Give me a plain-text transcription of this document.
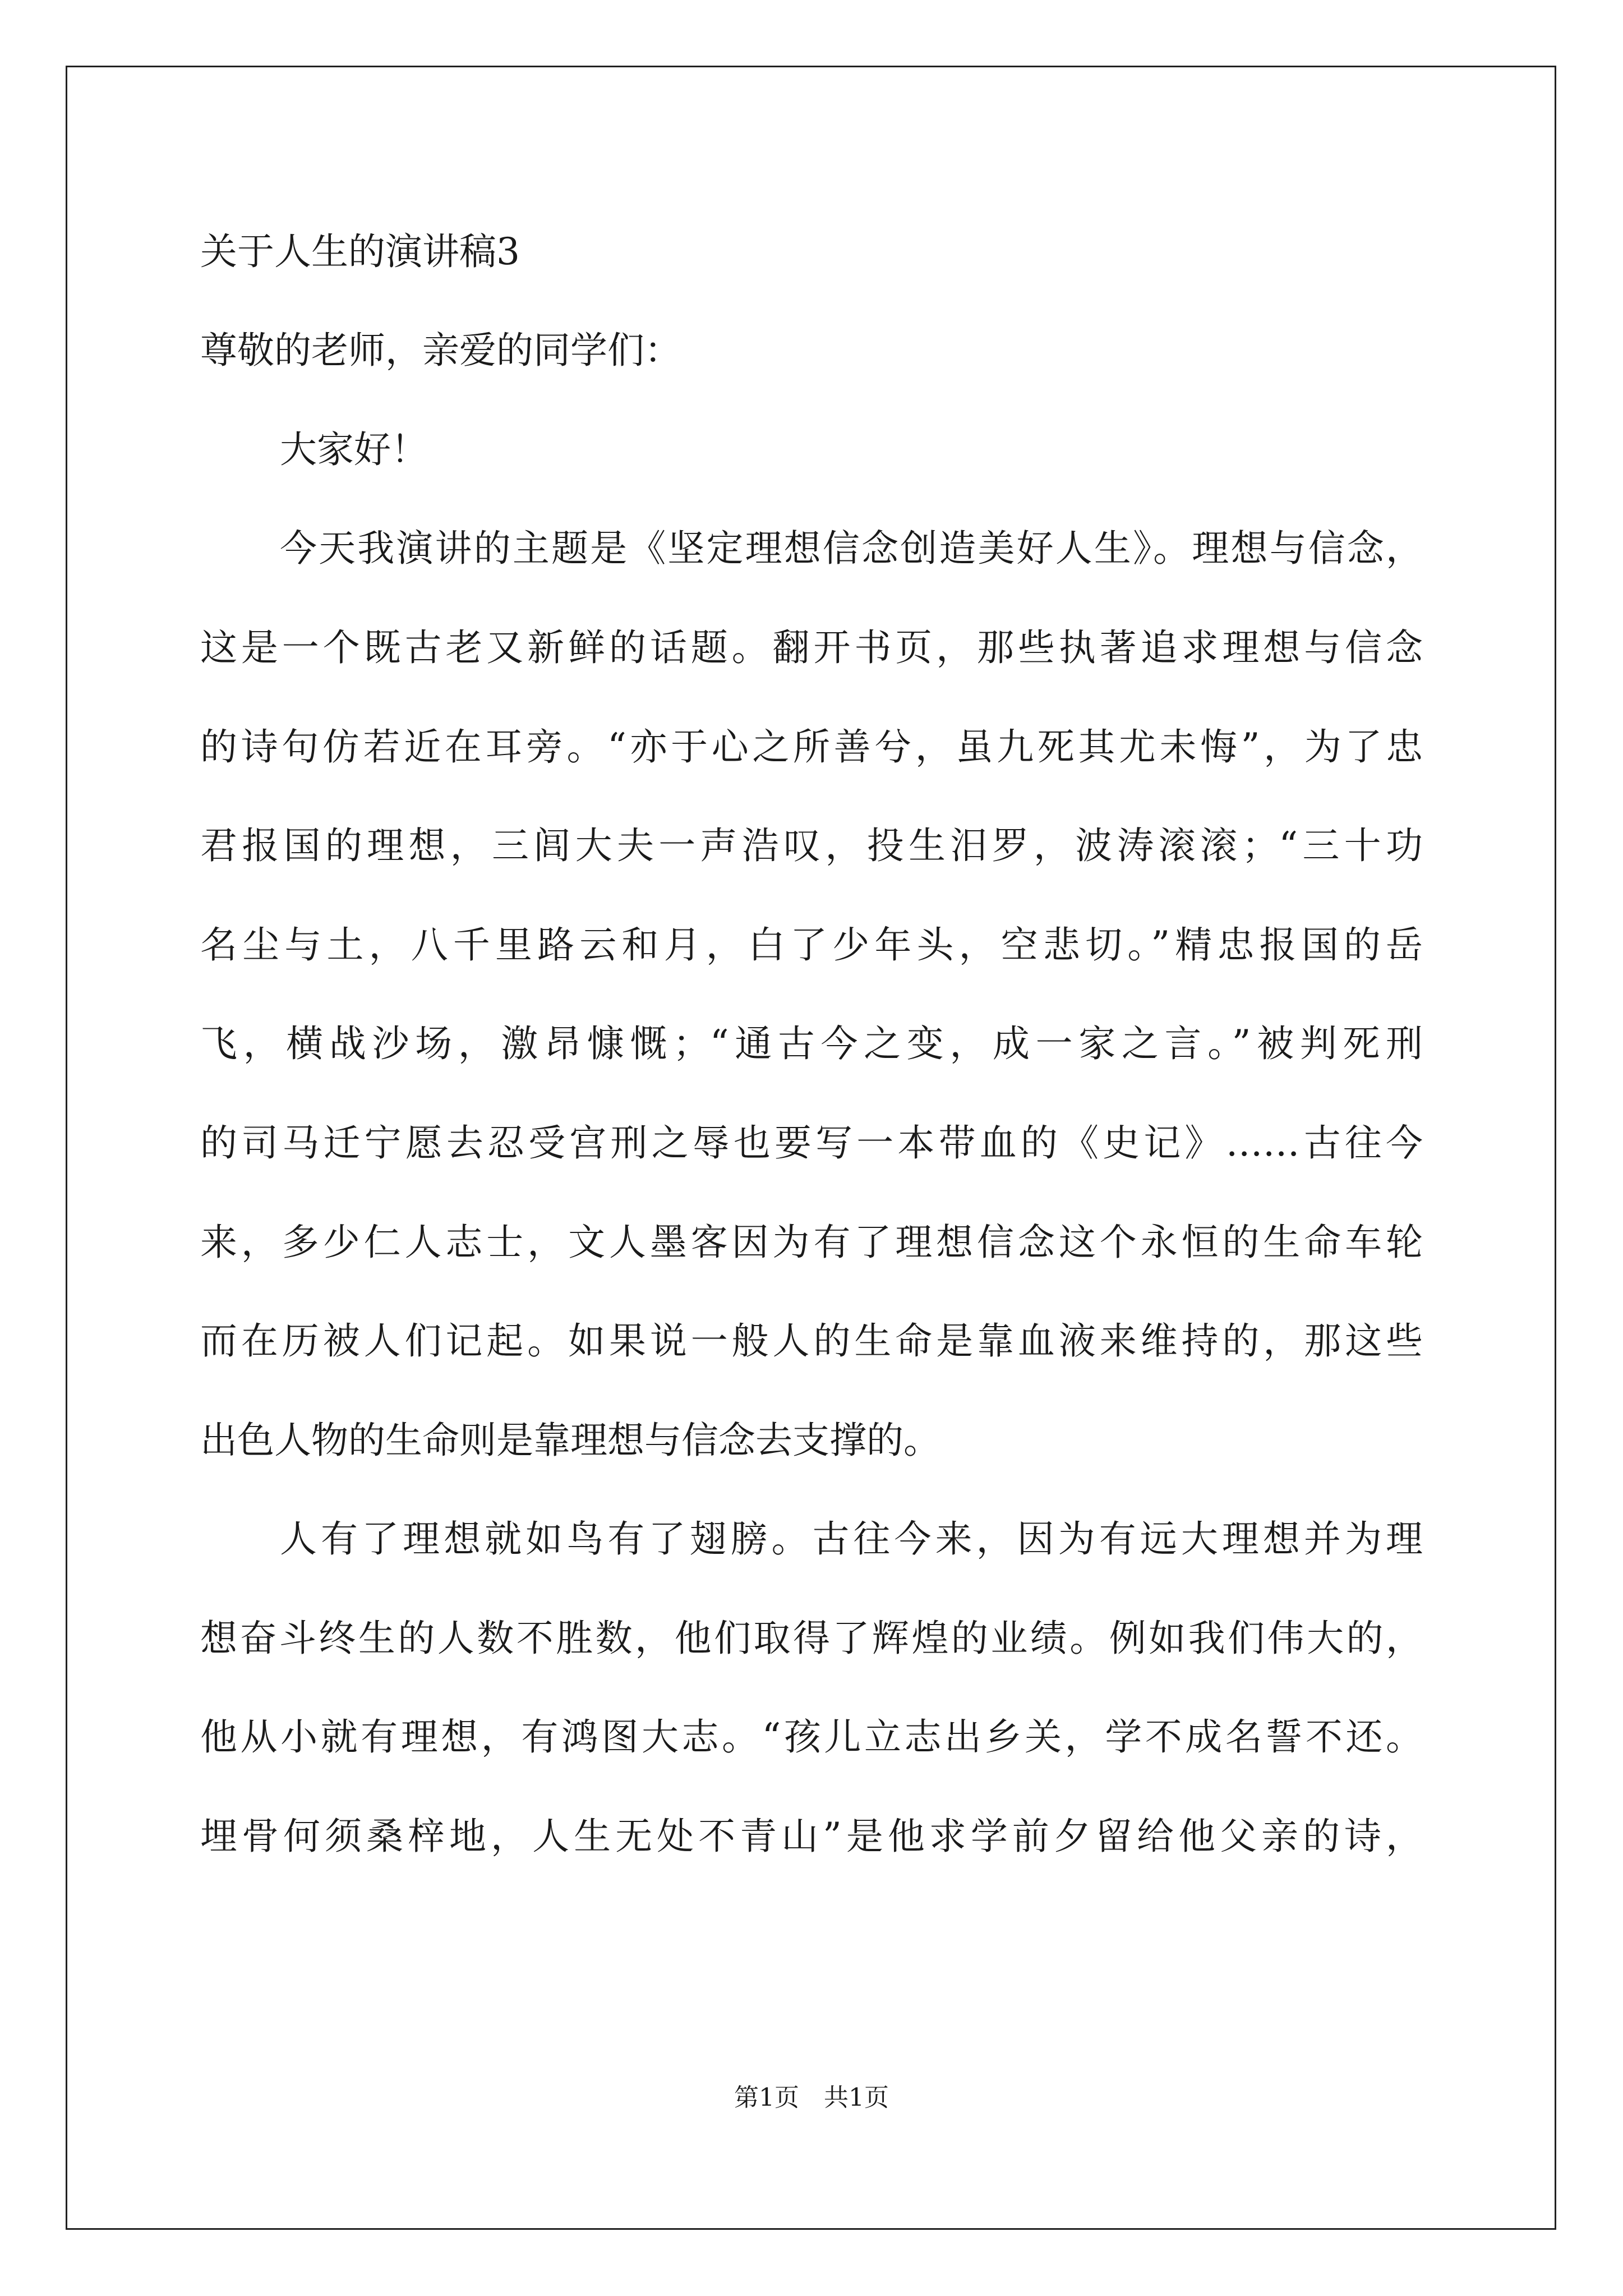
关于人生的演讲稿3
尊敬的老师，亲爱的同学们：
大家好！
今天我演讲的主题是《坚定理想信念创造美好人生》。理想与信念，
这是一个既古老又新鲜的话题。翻开书页，那些执著追求理想与信念
的诗句仿若近在耳旁。“亦于心之所善兮，虽九死其尤未悔”，为了忠
君报国的理想，三闾大夫一声浩叹，投生汨罗，波涛滚滚；“三十功
名尘与土，八千里路云和月，白了少年头，空悲切。”精忠报国的岳
飞，横战沙场，激昂慷慨；“通古今之变，成一家之言。”被判死刑
的司马迁宁愿去忍受宫刑之辱也要写一本带血的《史记》……古往今
来，多少仁人志士，文人墨客因为有了理想信念这个永恒的生命车轮
而在历被人们记起。如果说一般人的生命是靠血液来维持的，那这些
出色人物的生命则是靠理想与信念去支撑的。
人有了理想就如鸟有了翅膀。古往今来，因为有远大理想并为理
想奋斗终生的人数不胜数，他们取得了辉煌的业绩。例如我们伟大的，
他从小就有理想，有鸿图大志。“孩儿立志出乡关，学不成名誓不还。
埋骨何须桑梓地，人生无处不青山”是他求学前夕留给他父亲的诗，
第1页 共1页
